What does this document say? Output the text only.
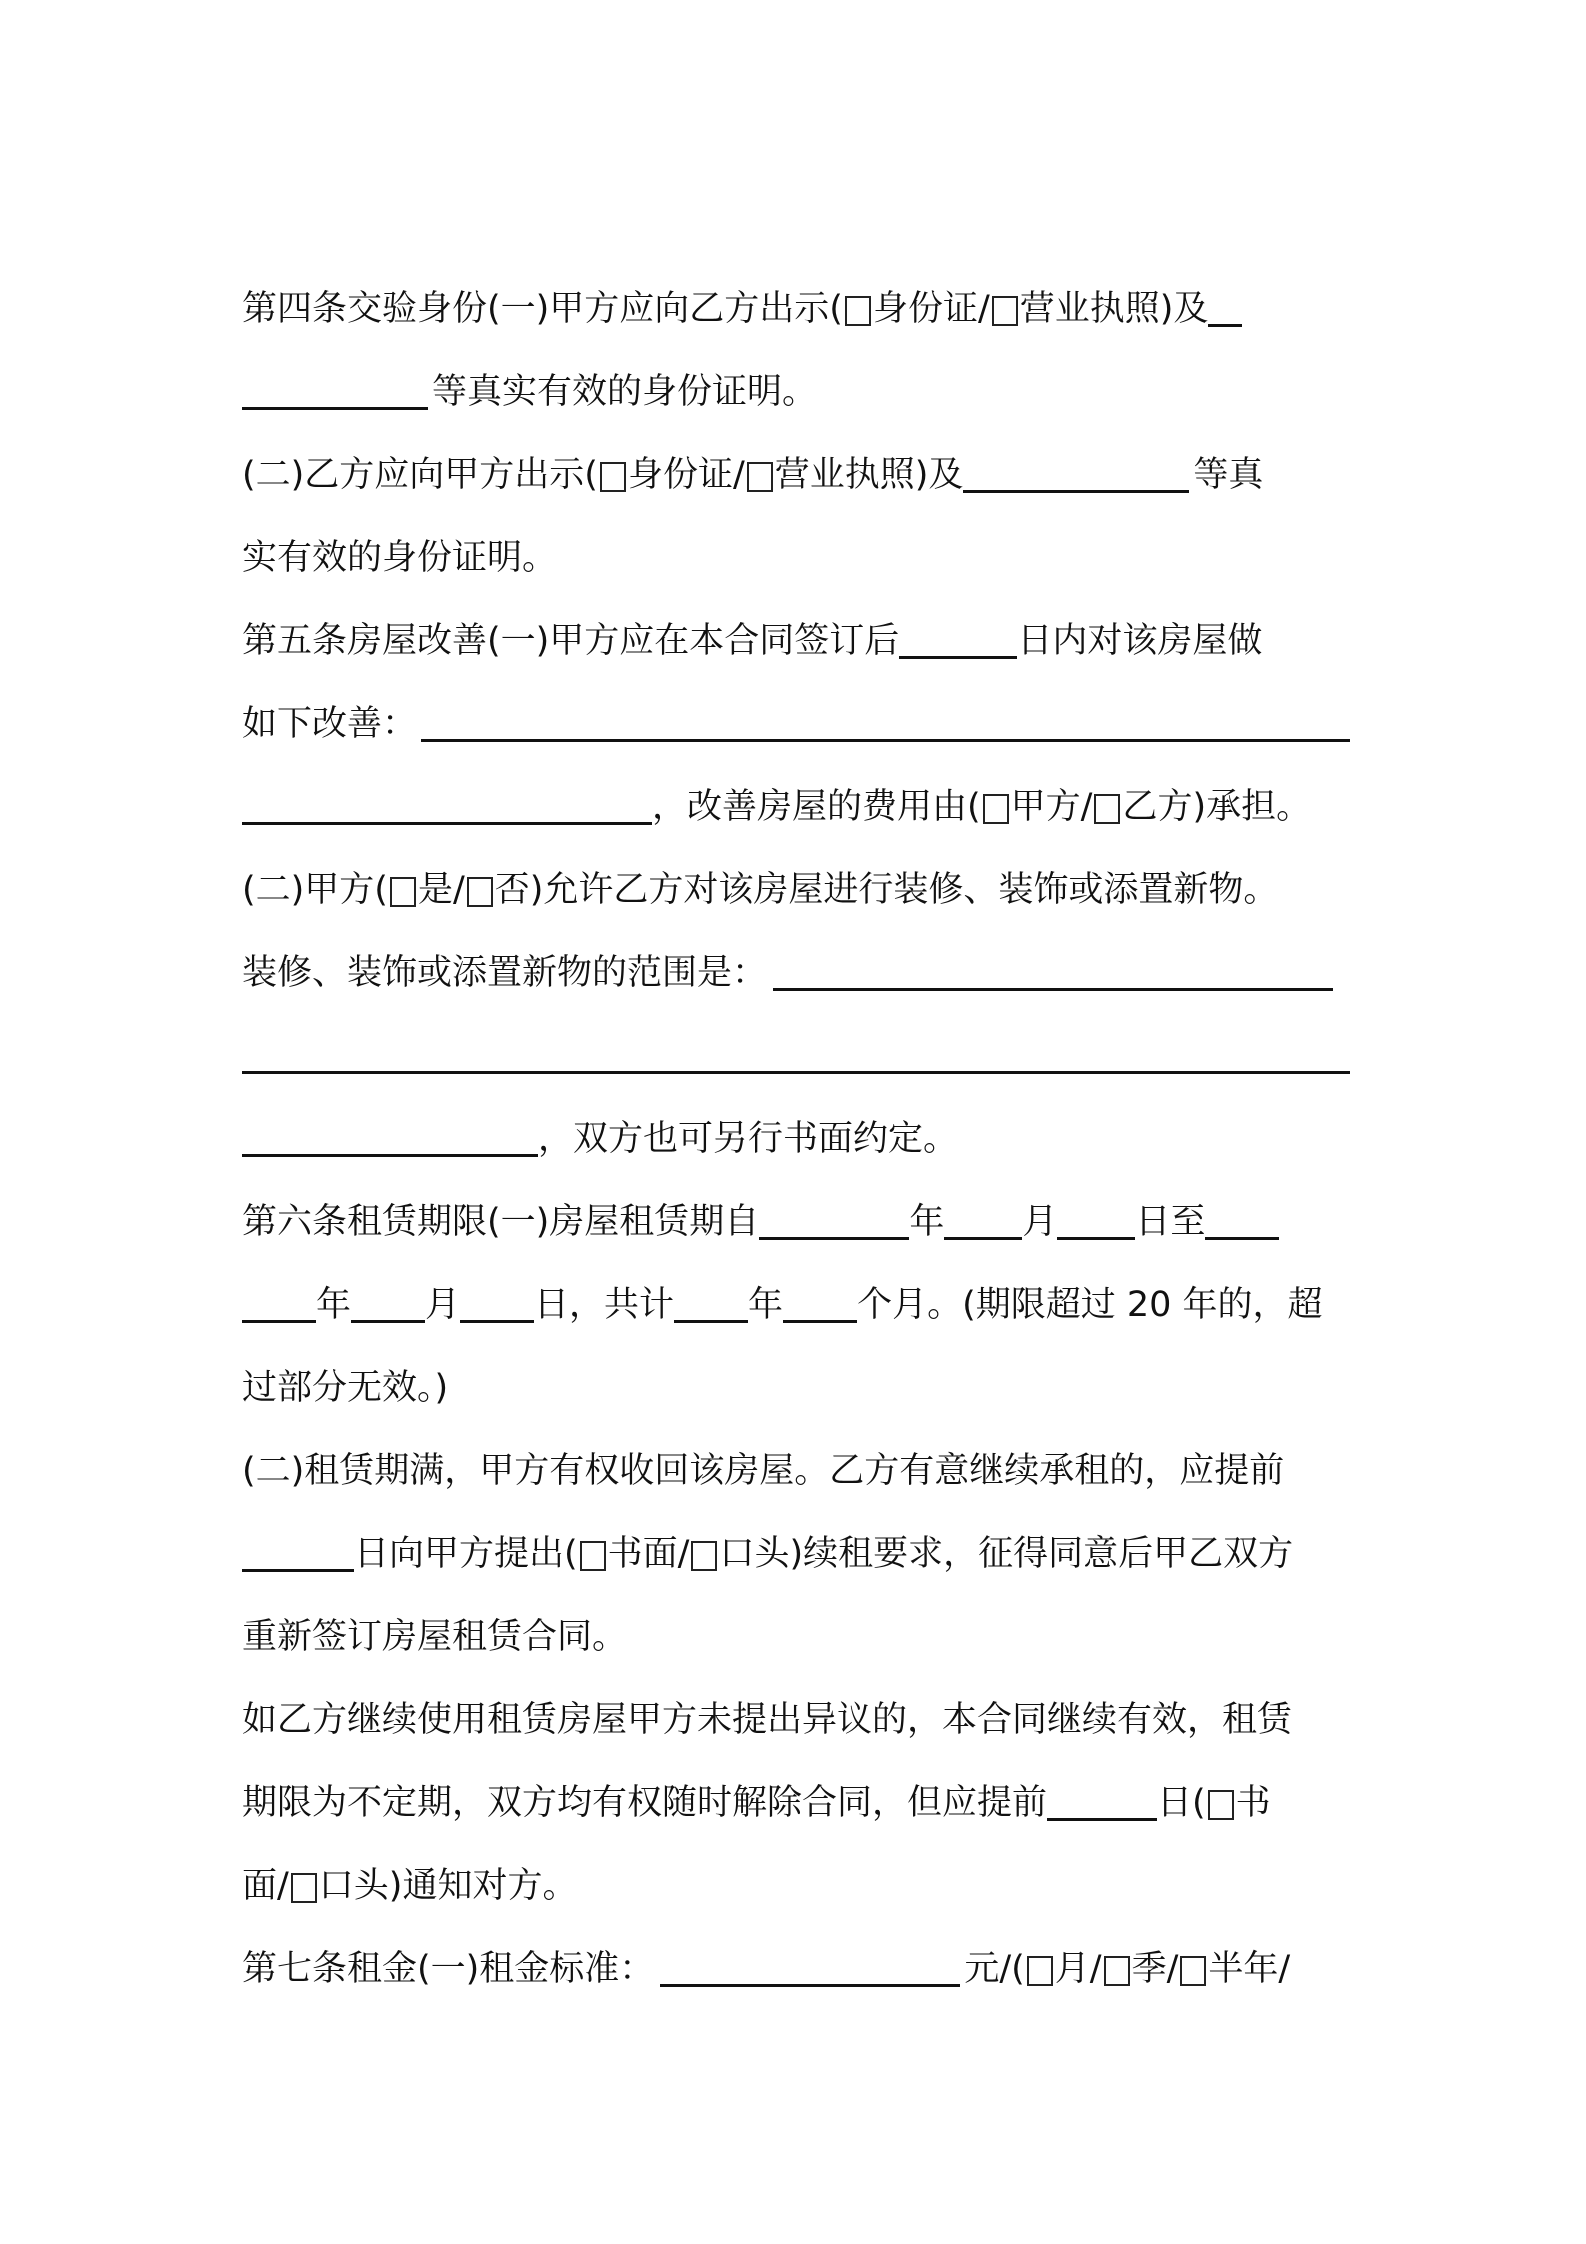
第四条交验身份(一)甲方应向乙方出示( 身份证/ 营业执照)及
等真实有效的身份证明。
(二)乙方应向甲方出示( 身份证/ 营业执照)及	等真
实有效的身份证明。
第五条房屋改善(一)甲方应在本合同签订后	日内对该房屋做
如下改善：
，改善房屋的费用由( 甲方/ 乙方)承担。
(二)甲方( 是/ 否)允许乙方对该房屋进行装修、装饰或添置新物。
装修、装饰或添置新物的范围是：
，双方也可另行书面约定。
第六条租赁期限(一)房屋租赁期自	年 月 日至
年 月 日，共计 年 个月。(期限超过 20 年的，超
过部分无效。)
(二)租赁期满，甲方有权收回该房屋。乙方有意继续承租的，应提前
日向甲方提出( 书面/ 口头)续租要求，征得同意后甲乙双方
重新签订房屋租赁合同。
如乙方继续使用租赁房屋甲方未提出异议的，本合同继续有效，租赁
期限为不定期，双方均有权随时解除合同，但应提前	日( 书
面/ 口头)通知对方。
第七条租金(一)租金标准：	元/( 月/ 季/ 半年/
